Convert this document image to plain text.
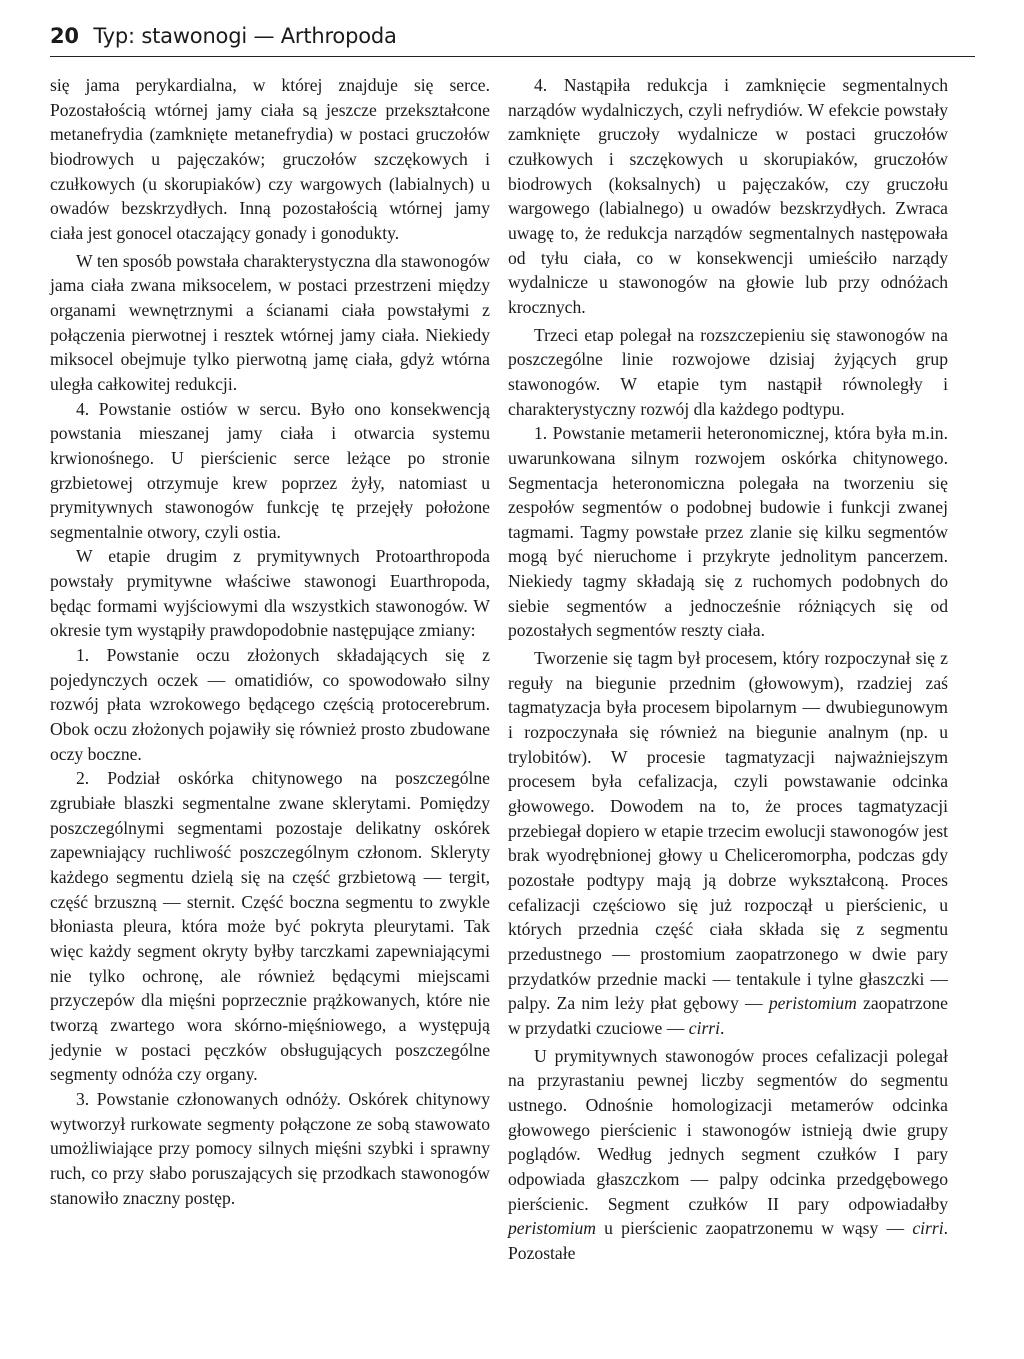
20 Typ: stawonogi — Arthropoda

się jama perykardialna, w której znajduje się serce. Pozostałością wtórnej jamy ciała są jeszcze przekształcone metanefrydia (zamknięte metanefrydia) w postaci gruczołów biodrowych u pajęczaków; gruczołów szczękowych i czułkowych (u skorupiaków) czy wargowych (labialnych) u owadów bezskrzydłych. Inną pozostałością wtórnej jamy ciała jest gonocel otaczający gonady i gonodukty.

W ten sposób powstała charakterystyczna dla stawonogów jama ciała zwana miksocelem, w postaci przestrzeni między organami wewnętrznymi a ścianami ciała powstałymi z połączenia pierwotnej i resztek wtórnej jamy ciała. Niekiedy miksocel obejmuje tylko pierwotną jamę ciała, gdyż wtórna uległa całkowitej redukcji.

4. Powstanie ostiów w sercu. Było ono konsekwencją powstania mieszanej jamy ciała i otwarcia systemu krwionośnego. U pierścienic serce leżące po stronie grzbietowej otrzymuje krew poprzez żyły, natomiast u prymitywnych stawonogów funkcję tę przejęły położone segmentalnie otwory, czyli ostia.

W etapie drugim z prymitywnych Protoarthropoda powstały prymitywne właściwe stawonogi Euarthropoda, będąc formami wyjściowymi dla wszystkich stawonogów. W okresie tym wystąpiły prawdopodobnie następujące zmiany:

1. Powstanie oczu złożonych składających się z pojedynczych oczek — omatidiów, co spowodowało silny rozwój płata wzrokowego będącego częścią protocerebrum. Obok oczu złożonych pojawiły się również prosto zbudowane oczy boczne.

2. Podział oskórka chitynowego na poszczególne zgrubiałe blaszki segmentalne zwane sklerytami. Pomiędzy poszczególnymi segmentami pozostaje delikatny oskórek zapewniający ruchliwość poszczególnym członom. Skleryty każdego segmentu dzielą się na część grzbietową — tergit, część brzuszną — sternit. Część boczna segmentu to zwykle błoniasta pleura, która może być pokryta pleurytami. Tak więc każdy segment okryty byłby tarczkami zapewniającymi nie tylko ochronę, ale również będącymi miejscami przyczepów dla mięśni poprzecznie prążkowanych, które nie tworzą zwartego wora skórno-mięśniowego, a występują jedynie w postaci pęczków obsługujących poszczególne segmenty odnóża czy organy.

3. Powstanie członowanych odnóży. Oskórek chitynowy wytworzył rurkowate segmenty połączone ze sobą stawowato umożliwiające przy pomocy silnych mięśni szybki i sprawny ruch, co przy słabo poruszających się przodkach stawonogów stanowiło znaczny postęp.

4. Nastąpiła redukcja i zamknięcie segmentalnych narządów wydalniczych, czyli nefrydiów. W efekcie powstały zamknięte gruczoły wydalnicze w postaci gruczołów czułkowych i szczękowych u skorupiaków, gruczołów biodrowych (koksalnych) u pajęczaków, czy gruczołu wargowego (labialnego) u owadów bezskrzydłych. Zwraca uwagę to, że redukcja narządów segmentalnych następowała od tyłu ciała, co w konsekwencji umieściło narządy wydalnicze u stawonogów na głowie lub przy odnóżach krocznych.

Trzeci etap polegał na rozszczepieniu się stawonogów na poszczególne linie rozwojowe dzisiaj żyjących grup stawonogów. W etapie tym nastąpił równoległy i charakterystyczny rozwój dla każdego podtypu.

1. Powstanie metamerii heteronomicznej, która była m.in. uwarunkowana silnym rozwojem oskórka chitynowego. Segmentacja heteronomiczna polegała na tworzeniu się zespołów segmentów o podobnej budowie i funkcji zwanej tagmami. Tagmy powstałe przez zlanie się kilku segmentów mogą być nieruchome i przykryte jednolitym pancerzem. Niekiedy tagmy składają się z ruchomych podobnych do siebie segmentów a jednocześnie różniących się od pozostałych segmentów reszty ciała.

Tworzenie się tagm był procesem, który rozpoczynał się z reguły na biegunie przednim (głowowym), rzadziej zaś tagmatyzacja była procesem bipolarnym — dwubiegunowym i rozpoczynała się również na biegunie analnym (np. u trylobitów). W procesie tagmatyzacji najważniejszym procesem była cefalizacja, czyli powstawanie odcinka głowowego. Dowodem na to, że proces tagmatyzacji przebiegał dopiero w etapie trzecim ewolucji stawonogów jest brak wyodrębnionej głowy u Cheliceromorpha, podczas gdy pozostałe podtypy mają ją dobrze wykształconą. Proces cefalizacji częściowo się już rozpoczął u pierścienic, u których przednia część ciała składa się z segmentu przedustnego — prostomium zaopatrzonego w dwie pary przydatków przednie macki — tentakule i tylne głaszczki — palpy. Za nim leży płat gębowy — peristomium zaopatrzone w przydatki czuciowe — cirri.

U prymitywnych stawonogów proces cefalizacji polegał na przyrastaniu pewnej liczby segmentów do segmentu ustnego. Odnośnie homologizacji metamerów odcinka głowowego pierścienic i stawonogów istnieją dwie grupy poglądów. Według jednych segment czułków I pary odpowiada głaszczkom — palpy odcinka przedgębowego pierścienic. Segment czułków II pary odpowiadałby peristomium u pierścienic zaopatrzonemu w wąsy — cirri. Pozostałe
